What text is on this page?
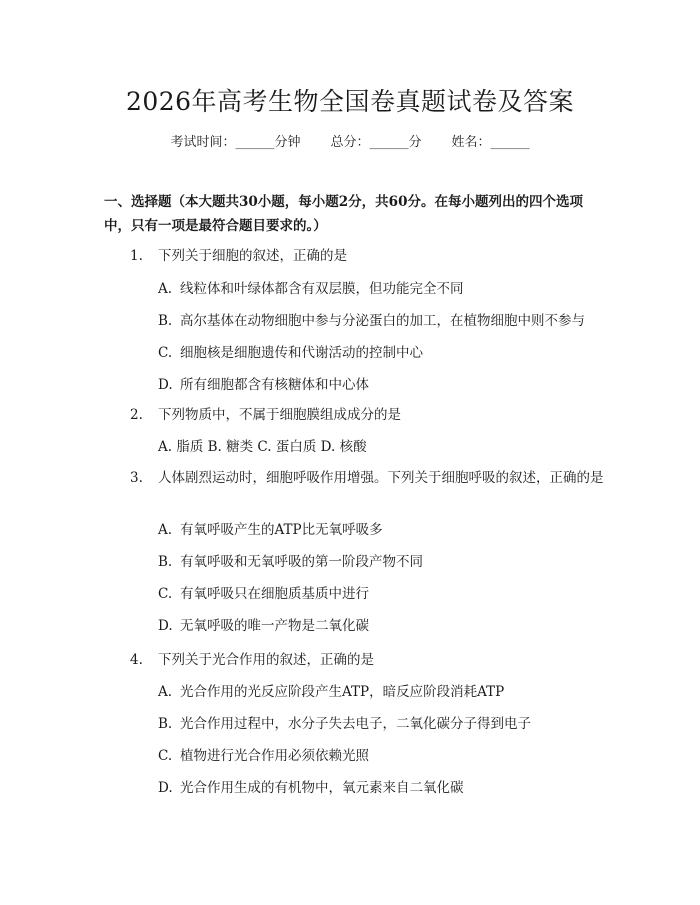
2026年高考生物全国卷真题试卷及答案
考试时间：______分钟 总分：______分 姓名：______
一、选择题（本大题共30小题，每小题2分，共60分。在每小题列出的四个选项中，只有一项是最符合题目要求的。）
1. 下列关于细胞的叙述，正确的是
A. 线粒体和叶绿体都含有双层膜，但功能完全不同
B. 高尔基体在动物细胞中参与分泌蛋白的加工，在植物细胞中则不参与
C. 细胞核是细胞遗传和代谢活动的控制中心
D. 所有细胞都含有核糖体和中心体
2. 下列物质中，不属于细胞膜组成成分的是
A. 脂质 B. 糖类 C. 蛋白质 D. 核酸
3. 人体剧烈运动时，细胞呼吸作用增强。下列关于细胞呼吸的叙述，正确的是
A. 有氧呼吸产生的ATP比无氧呼吸多
B. 有氧呼吸和无氧呼吸的第一阶段产物不同
C. 有氧呼吸只在细胞质基质中进行
D. 无氧呼吸的唯一产物是二氧化碳
4. 下列关于光合作用的叙述，正确的是
A. 光合作用的光反应阶段产生ATP，暗反应阶段消耗ATP
B. 光合作用过程中，水分子失去电子，二氧化碳分子得到电子
C. 植物进行光合作用必须依赖光照
D. 光合作用生成的有机物中，氧元素来自二氧化碳
